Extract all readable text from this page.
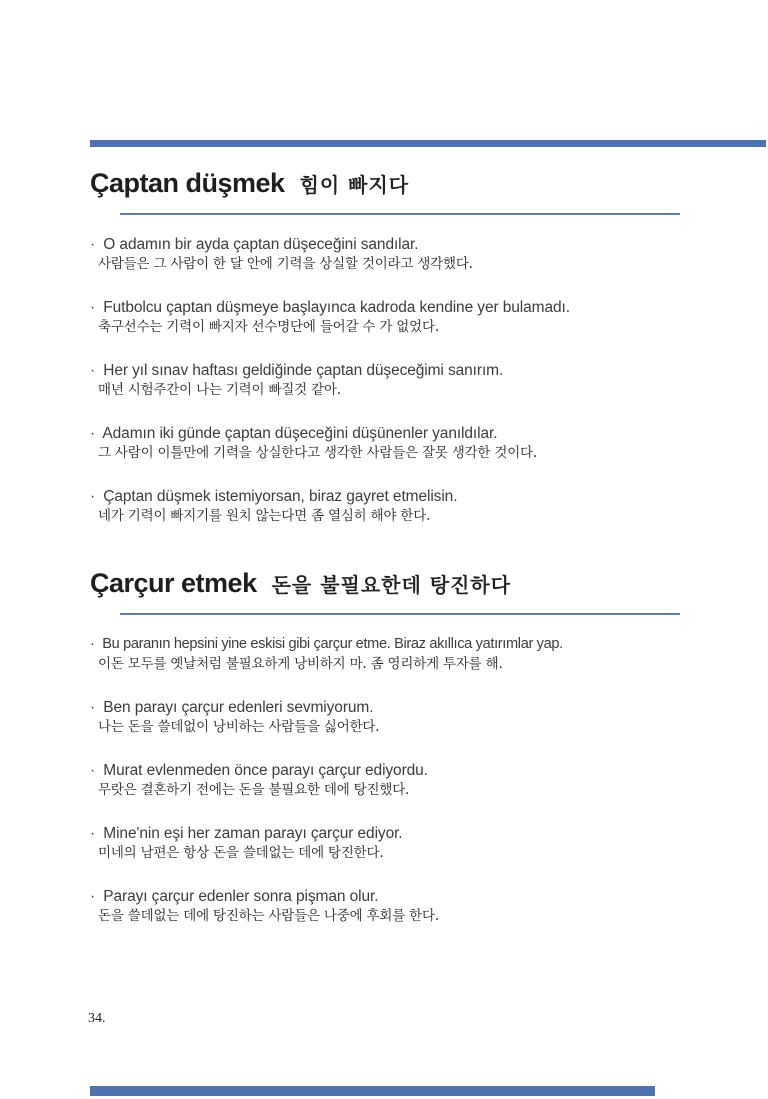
Çaptan düşmek 힘이 빠지다
· O adamın bir ayda çaptan düşeceğini sandılar.
사람들은 그 사람이 한 달 안에 기력을 상실할 것이라고 생각했다.
· Futbolcu çaptan düşmeye başlayınca kadroda kendine yer bulamadı.
축구선수는 기력이 빠지자 선수명단에 들어갈 수 가 없었다.
· Her yıl sınav haftası geldiğinde çaptan düşeceğimi sanırım.
매년 시험주간이 나는 기력이 빠질것 같아.
· Adamın iki günde çaptan düşeceğini düşünenler yanıldılar.
그 사람이 이틀만에 기력을 상실한다고 생각한 사람들은 잘못 생각한 것이다.
· Çaptan düşmek istemiyorsan, biraz gayret etmelisin.
네가 기력이 빠지기를 원치 않는다면 좀 열심히 해야 한다.
Çarçur etmek 돈을 불필요한데 탕진하다
· Bu paranın hepsini yine eskisi gibi çarçur etme. Biraz akıllıca yatırımlar yap.
이돈 모두를 옛날처럼 불필요하게 낭비하지 마. 좀 영리하게 투자를 해.
· Ben parayı çarçur edenleri sevmiyorum.
나는 돈을 쓸데없이 낭비하는 사람들을 싫어한다.
· Murat evlenmeden önce parayı çarçur ediyordu.
무랏은 결혼하기 전에는 돈을 불필요한 데에 탕진했다.
· Mine'nin eşi her zaman parayı çarçur ediyor.
미네의 남편은 항상 돈을 쓸데없는 데에 탕진한다.
· Parayı çarçur edenler sonra pişman olur.
돈을 쓸데없는 데에 탕진하는 사람들은 나중에 후회를 한다.
34.
